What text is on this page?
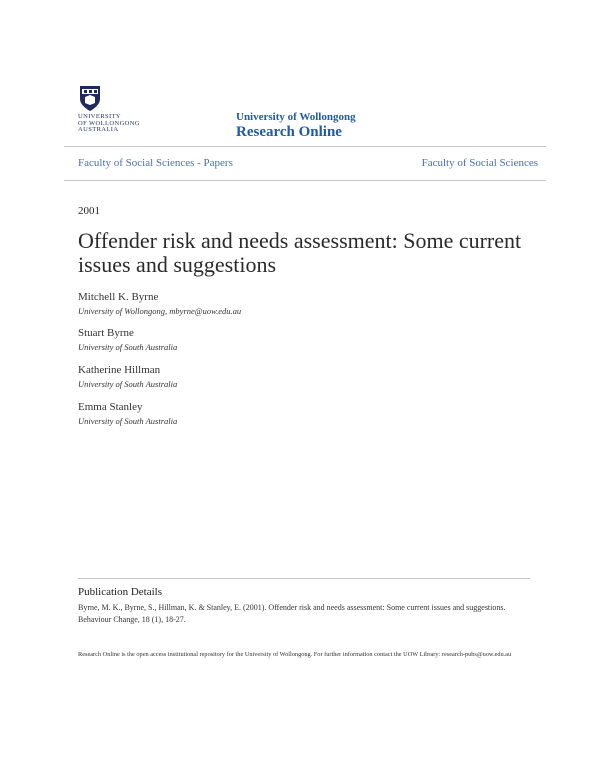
UNIVERSITY
OF WOLLONGONG
AUSTRALIA
University of Wollongong
Research Online
Faculty of Social Sciences - Papers	Faculty of Social Sciences
2001
Offender risk and needs assessment: Some current issues and suggestions
Mitchell K. Byrne
University of Wollongong, mbyrne@uow.edu.au
Stuart Byrne
University of South Australia
Katherine Hillman
University of South Australia
Emma Stanley
University of South Australia
Publication Details
Byrne, M. K., Byrne, S., Hillman, K. & Stanley, E. (2001). Offender risk and needs assessment: Some current issues and suggestions. Behaviour Change, 18 (1), 18-27.
Research Online is the open access institutional repository for the University of Wollongong. For further information contact the UOW Library: research-pubs@uow.edu.au
